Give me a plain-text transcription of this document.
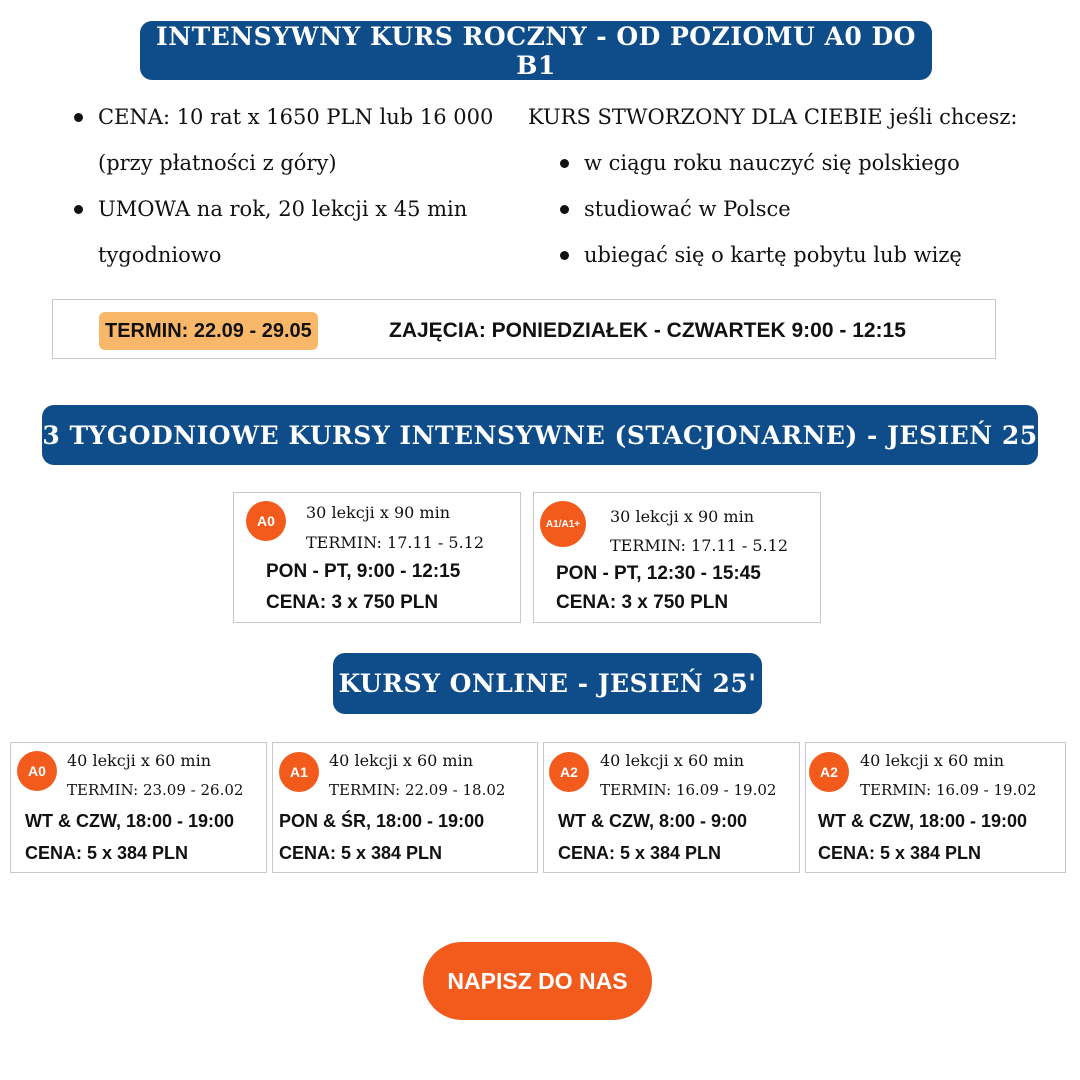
INTENSYWNY KURS ROCZNY - OD POZIOMU A0 DO B1
CENA: 10 rat x 1650 PLN lub 16 000
(przy płatności z góry)
UMOWA na rok, 20 lekcji x 45 min
tygodniowo
KURS STWORZONY DLA CIEBIE jeśli chcesz:
w ciągu roku nauczyć się polskiego
studiować w Polsce
ubiegać się o kartę pobytu lub wizę
TERMIN: 22.09 - 29.05	ZAJĘCIA: PONIEDZIAŁEK - CZWARTEK 9:00 - 12:15
3 TYGODNIOWE KURSY INTENSYWNE (STACJONARNE) - JESIEŃ 25
A0	30 lekcji x 90 min
TERMIN: 17.11 - 5.12
PON - PT, 9:00 - 12:15
CENA: 3 x 750 PLN
A1/A1+	30 lekcji x 90 min
TERMIN: 17.11 - 5.12
PON - PT, 12:30 - 15:45
CENA: 3 x 750 PLN
KURSY ONLINE - JESIEŃ 25'
A0
40 lekcji x 60 min
TERMIN: 23.09 - 26.02
WT & CZW, 18:00 - 19:00
CENA: 5 x 384 PLN
A1
40 lekcji x 60 min
TERMIN: 22.09 - 18.02
PON & ŚR, 18:00 - 19:00
CENA: 5 x 384 PLN
A2
40 lekcji x 60 min
TERMIN: 16.09 - 19.02
WT & CZW, 8:00 - 9:00
CENA: 5 x 384 PLN
A2
40 lekcji x 60 min
TERMIN: 16.09 - 19.02
WT & CZW, 18:00 - 19:00
CENA: 5 x 384 PLN
NAPISZ DO NAS
